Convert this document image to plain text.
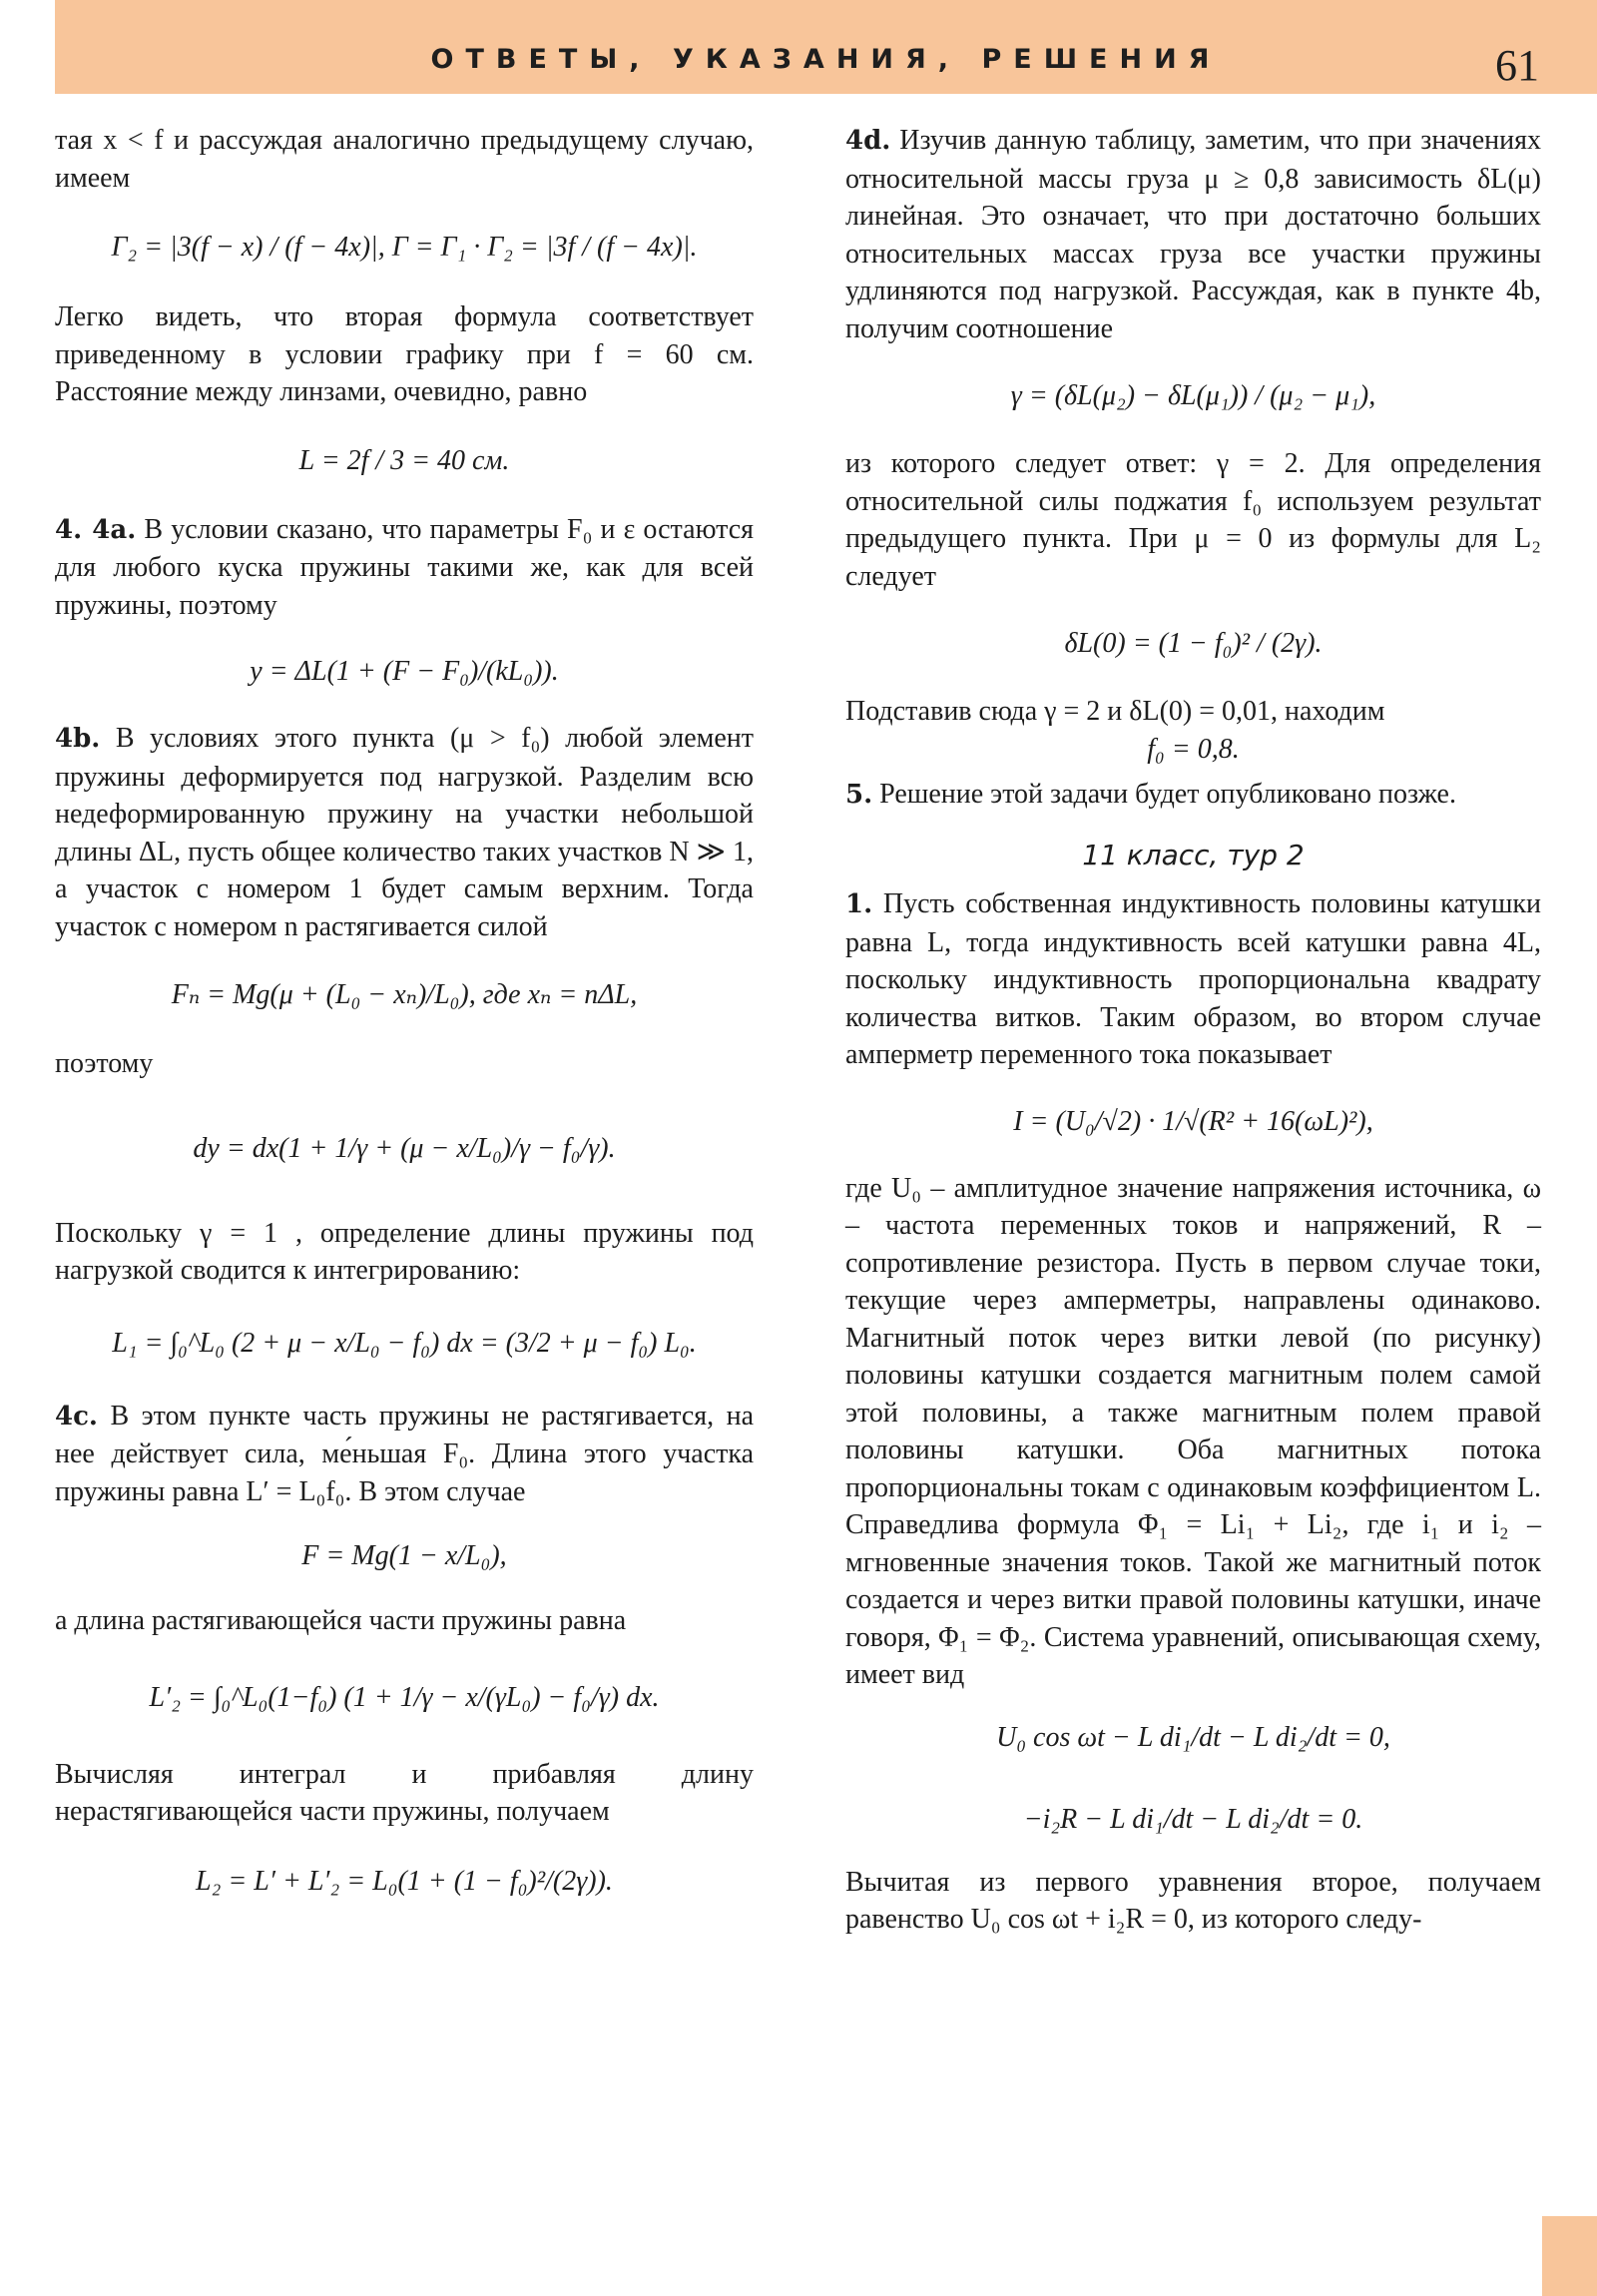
ОТВЕТЫ, УКАЗАНИЯ, РЕШЕНИЯ	61

тая x < f и рассуждая аналогично предыдущему случаю, имеем

Γ₂ = |3(f − x) / (f − 4x)|, Γ = Γ₁ · Γ₂ = |3f / (f − 4x)|.

Легко видеть, что вторая формула соответствует приведенному в условии графику при f = 60 см. Расстояние между линзами, очевидно, равно

L = 2f / 3 = 40 см.

4. 4a. В условии сказано, что параметры F₀ и ε остаются для любого куска пружины такими же, как для всей пружины, поэтому

y = ΔL(1 + (F − F₀)/(kL₀)).

4b. В условиях этого пункта (μ > f₀) любой элемент пружины деформируется под нагрузкой. Разделим всю недеформированную пружину на участки небольшой длины ΔL, пусть общее количество таких участков N ≫ 1, а участок с номером 1 будет самым верхним. Тогда участок с номером n растягивается силой

Fₙ = Mg(μ + (L₀ − xₙ)/L₀), где xₙ = nΔL,

поэтому

dy = dx(1 + 1/γ + (μ − x/L₀)/γ − f₀/γ).

Поскольку γ = 1 , определение длины пружины под нагрузкой сводится к интегрированию:

L₁ = ∫₀^L₀ (2 + μ − x/L₀ − f₀) dx = (3/2 + μ − f₀) L₀.

4c. В этом пункте часть пружины не растягивается, на нее действует сила, ме́ньшая F₀. Длина этого участка пружины равна L′ = L₀f₀. В этом случае

F = Mg(1 − x/L₀),

а длина растягивающейся части пружины равна

L′₂ = ∫₀^L₀(1−f₀) (1 + 1/γ − x/(γL₀) − f₀/γ) dx.

Вычисляя интеграл и прибавляя длину нерастягивающейся части пружины, получаем

L₂ = L′ + L′₂ = L₀(1 + (1 − f₀)²/(2γ)).

4d. Изучив данную таблицу, заметим, что при значениях относительной массы груза μ ≥ 0,8 зависимость δL(μ) линейная. Это означает, что при достаточно больших относительных массах груза все участки пружины удлиняются под нагрузкой. Рассуждая, как в пункте 4b, получим соотношение

γ = (δL(μ₂) − δL(μ₁)) / (μ₂ − μ₁),

из которого следует ответ: γ = 2. Для определения относительной силы поджатия f₀ используем результат предыдущего пункта. При μ = 0 из формулы для L₂ следует

δL(0) = (1 − f₀)² / (2γ).

Подставив сюда γ = 2 и δL(0) = 0,01, находим

f₀ = 0,8.

5. Решение этой задачи будет опубликовано позже.

11 класс, тур 2

1. Пусть собственная индуктивность половины катушки равна L, тогда индуктивность всей катушки равна 4L, поскольку индуктивность пропорциональна квадрату количества витков. Таким образом, во втором случае амперметр переменного тока показывает

I = (U₀/√2) · 1/√(R² + 16(ωL)²),

где U₀ – амплитудное значение напряжения источника, ω – частота переменных токов и напряжений, R – сопротивление резистора. Пусть в первом случае токи, текущие через амперметры, направлены одинаково. Магнитный поток через витки левой (по рисунку) половины катушки создается магнитным полем самой этой половины, а также магнитным полем правой половины катушки. Оба магнитных потока пропорциональны токам с одинаковым коэффициентом L. Справедлива формула Φ₁ = Li₁ + Li₂, где i₁ и i₂ – мгновенные значения токов. Такой же магнитный поток создается и через витки правой половины катушки, иначе говоря, Φ₁ = Φ₂. Система уравнений, описывающая схему, имеет вид

U₀ cos ωt − L di₁/dt − L di₂/dt = 0,
−i₂R − L di₁/dt − L di₂/dt = 0.

Вычитая из первого уравнения второе, получаем равенство U₀ cos ωt + i₂R = 0, из которого следу-
